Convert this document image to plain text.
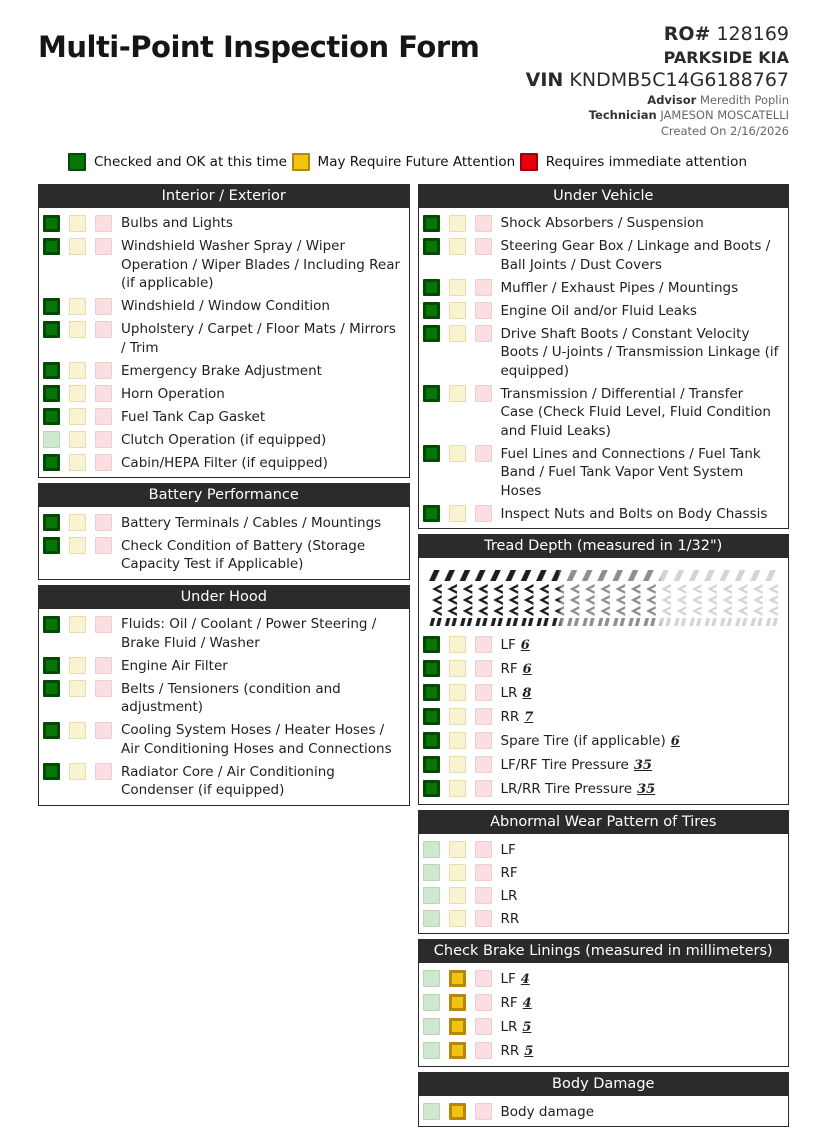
Multi-Point Inspection Form	RO# 128169
PARKSIDE KIA
VIN KNDMB5C14G6188767
Advisor Meredith Poplin
Technician JAMESON MOSCATELLI
Created On 2/16/2026
Checked and OK at this time May Require Future Attention Requires immediate attention
Interior / Exterior
Bulbs and Lights
Windshield Washer Spray / Wiper Operation / Wiper Blades / Including Rear (if applicable)
Windshield / Window Condition
Upholstery / Carpet / Floor Mats / Mirrors / Trim
Emergency Brake Adjustment
Horn Operation
Fuel Tank Cap Gasket
Clutch Operation (if equipped)
Cabin/HEPA Filter (if equipped)
Battery Performance
Battery Terminals / Cables / Mountings
Check Condition of Battery (Storage Capacity Test if Applicable)
Under Hood
Fluids: Oil / Coolant / Power Steering / Brake Fluid / Washer
Engine Air Filter
Belts / Tensioners (condition and adjustment)
Cooling System Hoses / Heater Hoses / Air Conditioning Hoses and Connections
Radiator Core / Air Conditioning Condenser (if equipped)
Under Vehicle
Shock Absorbers / Suspension
Steering Gear Box / Linkage and Boots / Ball Joints / Dust Covers
Muffler / Exhaust Pipes / Mountings
Engine Oil and/or Fluid Leaks
Drive Shaft Boots / Constant Velocity Boots / U-joints / Transmission Linkage (if equipped)
Transmission / Differential / Transfer Case (Check Fluid Level, Fluid Condition and Fluid Leaks)
Fuel Lines and Connections / Fuel Tank Band / Fuel Tank Vapor Vent System Hoses
Inspect Nuts and Bolts on Body Chassis
Tread Depth (measured in 1/32")
LF 6
RF 6
LR 8
RR 7
Spare Tire (if applicable) 6
LF/RF Tire Pressure 35
LR/RR Tire Pressure 35
Abnormal Wear Pattern of Tires
LF
RF
LR
RR
Check Brake Linings (measured in millimeters)
LF 4
RF 4
LR 5
RR 5
Body Damage
Body damage
